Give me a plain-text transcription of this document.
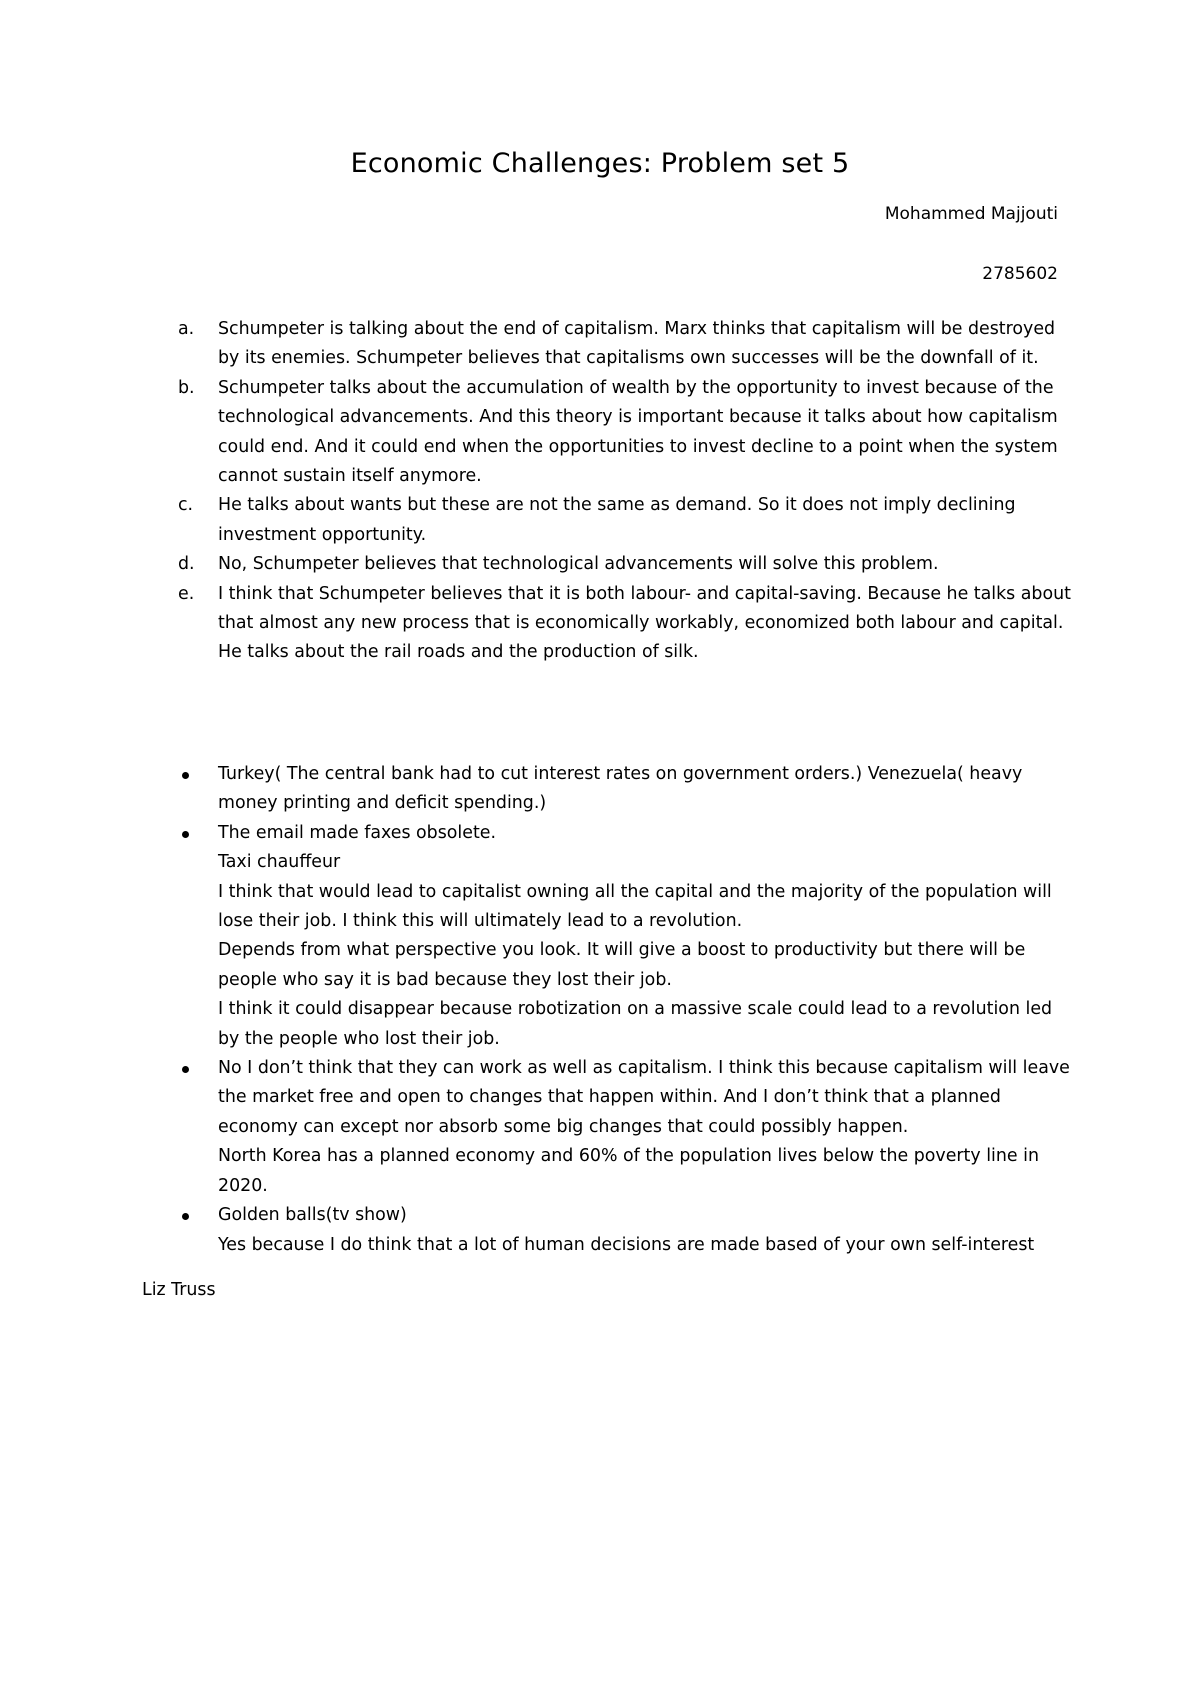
Economic Challenges: Problem set 5
Mohammed Majjouti
2785602
a. Schumpeter is talking about the end of capitalism. Marx thinks that capitalism will be destroyed by its enemies. Schumpeter believes that capitalisms own successes will be the downfall of it.
b. Schumpeter talks about the accumulation of wealth by the opportunity to invest because of the technological advancements. And this theory is important because it talks about how capitalism could end. And it could end when the opportunities to invest decline to a point when the system cannot sustain itself anymore.
c. He talks about wants but these are not the same as demand. So it does not imply declining investment opportunity.
d. No, Schumpeter believes that technological advancements will solve this problem.
e. I think that Schumpeter believes that it is both labour- and capital-saving. Because he talks about that almost any new process that is economically workably, economized both labour and capital. He talks about the rail roads and the production of silk.
Turkey( The central bank had to cut interest rates on government orders.) Venezuela( heavy money printing and deficit spending.)
The email made faxes obsolete.
Taxi chauffeur
I think that would lead to capitalist owning all the capital and the majority of the population will lose their job. I think this will ultimately lead to a revolution.
Depends from what perspective you look. It will give a boost to productivity but there will be people who say it is bad because they lost their job.
I think it could disappear because robotization on a massive scale could lead to a revolution led by the people who lost their job.
No I don’t think that they can work as well as capitalism. I think this because capitalism will leave the market free and open to changes that happen within. And I don’t think that a planned economy can except nor absorb some big changes that could possibly happen.
North Korea has a planned economy and 60% of the population lives below the poverty line in 2020.
Golden balls(tv show)
Yes because I do think that a lot of human decisions are made based of your own self-interest
Liz Truss
